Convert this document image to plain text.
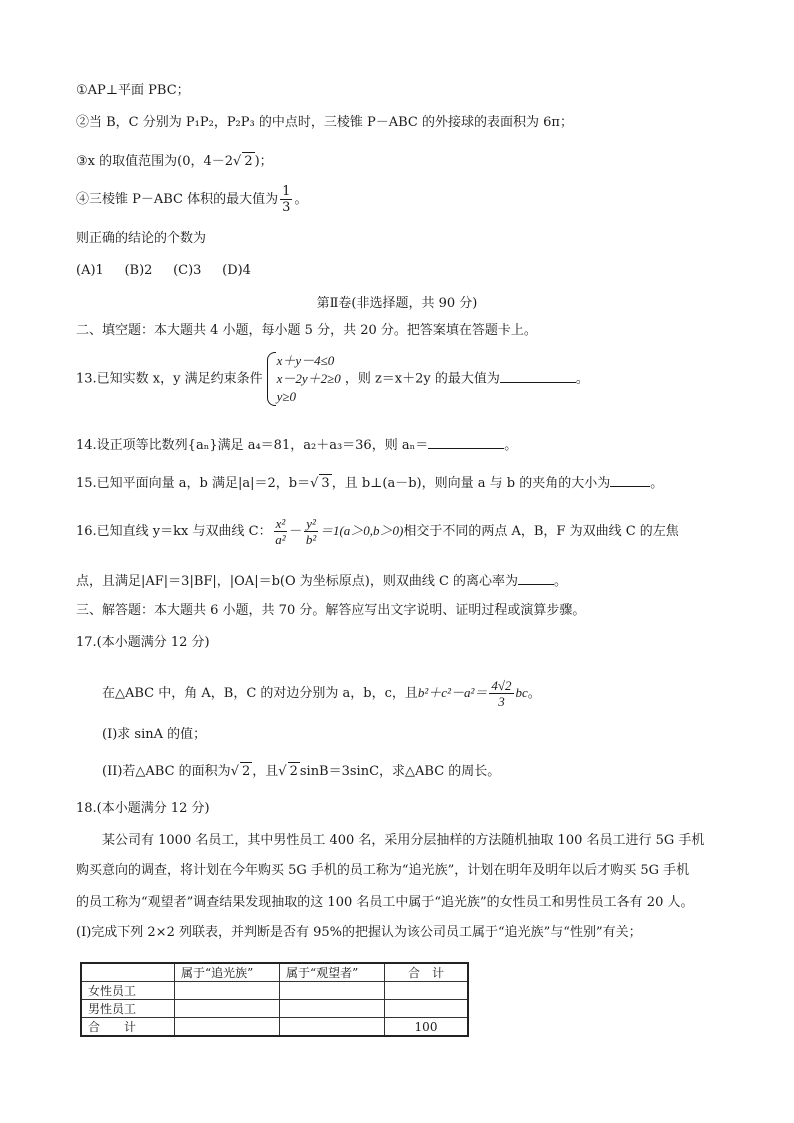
①AP⊥平面 PBC；
②当 B，C 分别为 P₁P₂，P₂P₃ 的中点时，三棱锥 P－ABC 的外接球的表面积为 6π；
③x 的取值范围为(0，4－2√ 2 )；
④三棱锥 P－ABC 体积的最大值为 $\frac{1}{3}$ 。
则正确的结论的个数为
(A)1     (B)2     (C)3     (D)4
第Ⅱ卷(非选择题，共 90 分)
二、填空题：本大题共 4 小题，每小题 5 分，共 20 分。把答案填在答题卡上。
13.已知实数 x，y 满足约束条件
x＋y－4≤0
x－2y＋2≥0
y≥0
，则 z＝x＋2y 的最大值为	。
14.设正项等比数列{aₙ}满足 a₄＝81，a₂＋a₃＝36，则 aₙ＝	。
15.已知平面向量 a，b 满足|a|＝2，b＝√ 3 ，且 b⊥(a－b)，则向量 a 与 b 的夹角的大小为	。
16.已知直线 y＝kx 与双曲线 C： $\frac{\text{x²}}{\text{a²}} - \frac{\text{y²}}{\text{b²}} =1(a>0,b>0)$相交于不同的两点 A，B，F 为双曲线 C 的左焦
点，且满足|AF|＝3|BF|，|OA|＝b(O 为坐标原点)，则双曲线 C 的离心率为	。
三、解答题：本大题共 6 小题，共 70 分。解答应写出文字说明、证明过程或演算步骤。
17.(本小题满分 12 分)
在△ABC 中，角 A，B，C 的对边分别为 a，b，c，且$b^2+c^2-a^2= \frac{4√2}{3}$ bc。
(I)求 sinA 的值；
(II)若△ABC 的面积为√ 2 ，且√ 2 sinB＝3sinC，求△ABC 的周长。
18.(本小题满分 12 分)
某公司有 1000 名员工，其中男性员工 400 名，采用分层抽样的方法随机抽取 100 名员工进行 5G 手机
购买意向的调查，将计划在今年购买 5G 手机的员工称为“追光族”，计划在明年及明年以后才购买 5G 手机
的员工称为“观望者”调查结果发现抽取的这 100 名员工中属于“追光族”的女性员工和男性员工各有 20 人。
(I)完成下列 2×2 列联表，并判断是否有 95%的把握认为该公司员工属于“追光族”与“性别”有关；
	属于“追光族”	属于“观望者”	合　计
女性员工			
男性员工			
合　　计			100
